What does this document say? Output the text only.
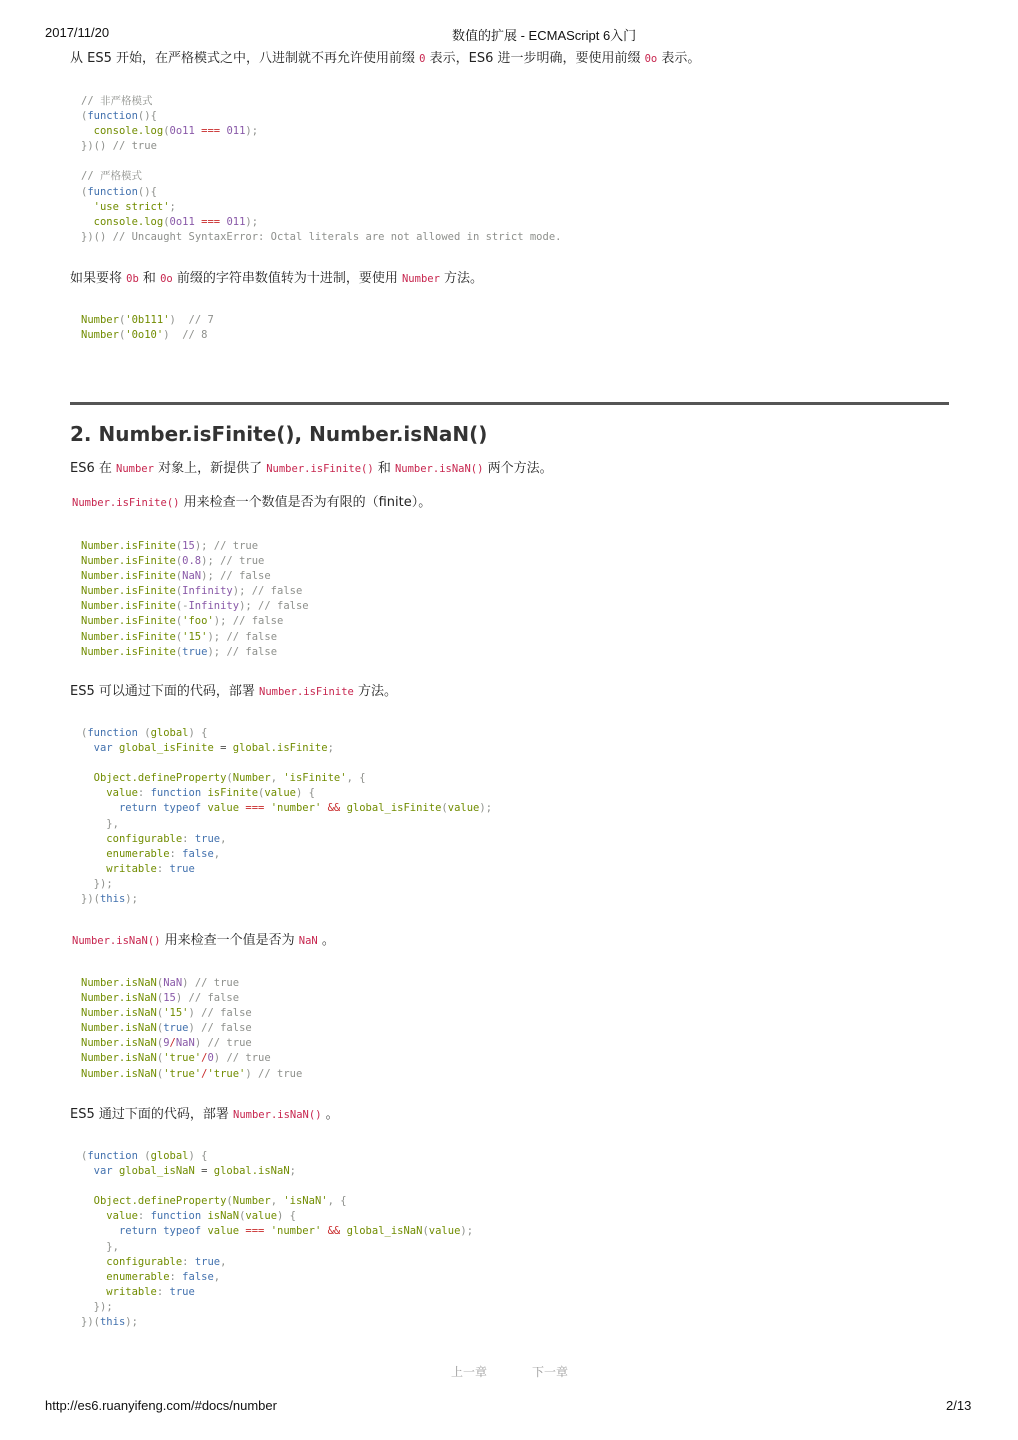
2017/11/20	数值的扩展 - ECMAScript 6入门
从 ES5 开始，在严格模式之中，八进制就不再允许使用前缀 0 表示，ES6 进一步明确，要使用前缀 0o 表示。
// 非严格模式
(function(){
console.log(0o11 === 011);
})() // true

// 严格模式
(function(){
'use strict';
console.log(0o11 === 011);
})() // Uncaught SyntaxError: Octal literals are not allowed in strict mode.
如果要将 0b 和 0o 前缀的字符串数值转为十进制，要使用 Number 方法。
Number('0b111') // 7
Number('0o10') // 8
2. Number.isFinite(), Number.isNaN()
ES6 在 Number 对象上，新提供了 Number.isFinite() 和 Number.isNaN() 两个方法。
Number.isFinite() 用来检查一个数值是否为有限的（finite）。
Number.isFinite(15); // true
Number.isFinite(0.8); // true
Number.isFinite(NaN); // false
Number.isFinite(Infinity); // false
Number.isFinite(-Infinity); // false
Number.isFinite('foo'); // false
Number.isFinite('15'); // false
Number.isFinite(true); // false
ES5 可以通过下面的代码，部署 Number.isFinite 方法。
(function (global) {
var global_isFinite = global.isFinite;

Object.defineProperty(Number, 'isFinite', {
value: function isFinite(value) {
return typeof value === 'number' && global_isFinite(value);
},
configurable: true,
enumerable: false,
writable: true
});
})(this);
Number.isNaN() 用来检查一个值是否为 NaN 。
Number.isNaN(NaN) // true
Number.isNaN(15) // false
Number.isNaN('15') // false
Number.isNaN(true) // false
Number.isNaN(9/NaN) // true
Number.isNaN('true'/0) // true
Number.isNaN('true'/'true') // true
ES5 通过下面的代码，部署 Number.isNaN() 。
(function (global) {
var global_isNaN = global.isNaN;

Object.defineProperty(Number, 'isNaN', {
value: function isNaN(value) {
return typeof value === 'number' && global_isNaN(value);
},
configurable: true,
enumerable: false,
writable: true
});
})(this);
上一章	下一章
http://es6.ruanyifeng.com/#docs/number	2/13
